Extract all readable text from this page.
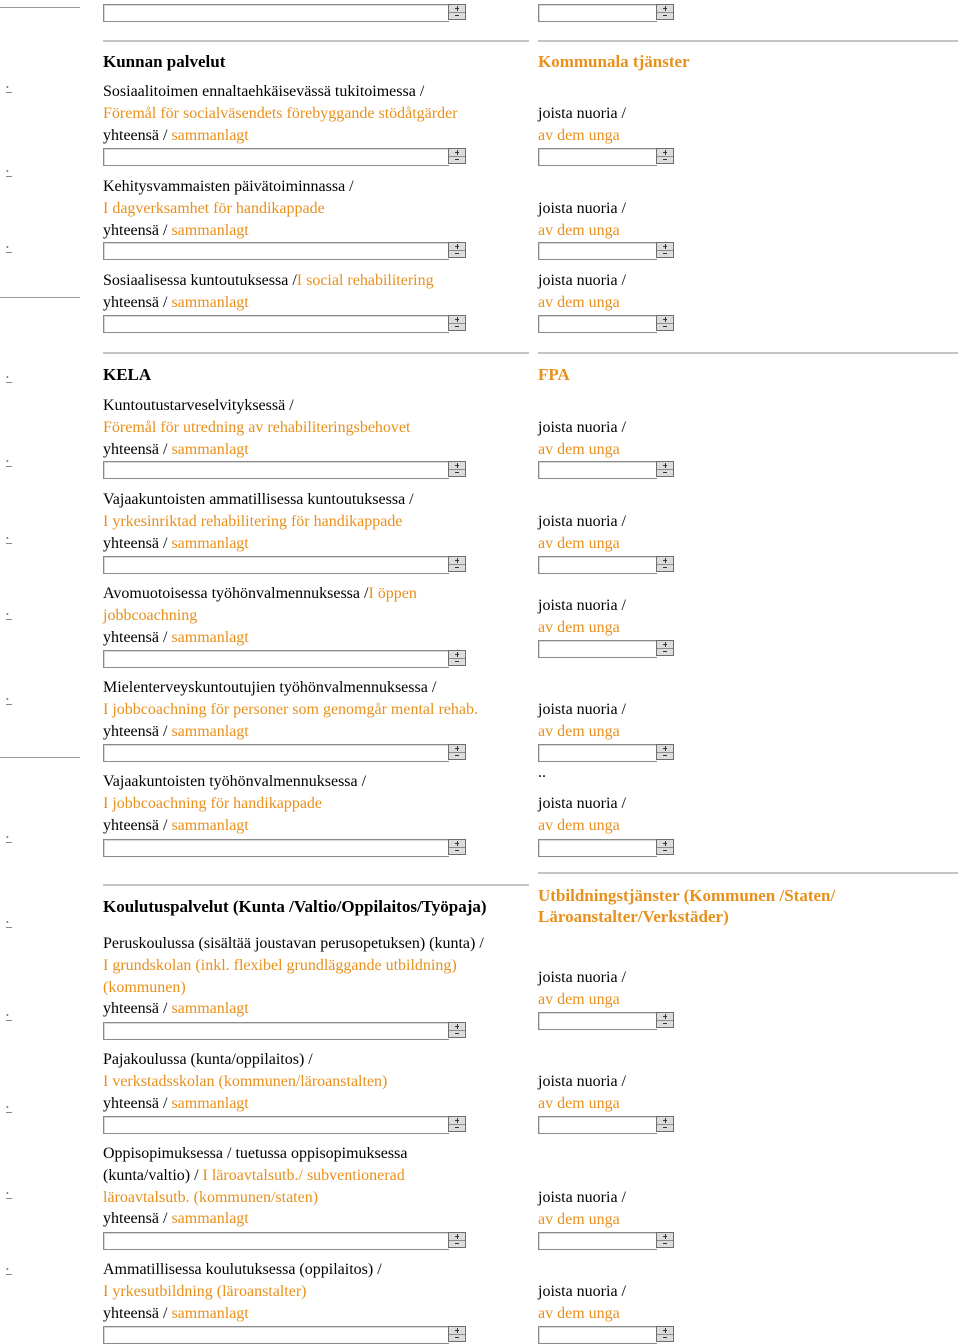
Kunnan palvelut	Kommunala tjänster
•
Sosiaalitoimen ennaltaehkäisevässä tukitoimessa /
Föremål för socialväsendets förebyggande stödåtgärder
yhteensä / sammanlagt
joista nuoria /
av dem unga
•
Kehitysvammaisten päivätoiminnassa /
I dagverksamhet för handikappade
yhteensä / sammanlagt
joista nuoria /
av dem unga
•
Sosiaalisessa kuntoutuksessa /I social rehabilitering
yhteensä / sammanlagt
joista nuoria /
av dem unga
•
KELA	FPA
Kuntoutustarveselvityksessä /
Föremål för utredning av rehabiliteringsbehovet
yhteensä / sammanlagt
joista nuoria /
av dem unga
•
Vajaakuntoisten ammatillisessa kuntoutuksessa /
I yrkesinriktad rehabilitering för handikappade
yhteensä / sammanlagt
joista nuoria /
av dem unga
•
Avomuotoisessa työhönvalmennuksessa /I öppen jobbcoachning
yhteensä / sammanlagt
joista nuoria /
av dem unga
•
Mielenterveyskuntoutujien työhönvalmennuksessa /
I jobbcoachning för personer som genomgår mental rehab.
yhteensä / sammanlagt
joista nuoria /
av dem unga
•
..
Vajaakuntoisten työhönvalmennuksessa /
I jobbcoachning för handikappade
yhteensä / sammanlagt
joista nuoria /
av dem unga
•
Koulutuspalvelut (Kunta /Valtio/Oppilaitos/Työpaja)
Utbildningstjänster (Kommunen /Staten/ Läroanstalter/Verkstäder)
•
Peruskoulussa (sisältää joustavan perusopetuksen) (kunta) /
I grundskolan (inkl. flexibel grundläggande utbildning) (kommunen)
yhteensä / sammanlagt
joista nuoria /
av dem unga
•
Pajakoulussa (kunta/oppilaitos) /
I verkstadsskolan (kommunen/läroanstalten)
yhteensä / sammanlagt
joista nuoria /
av dem unga
•
Oppisopimuksessa / tuetussa oppisopimuksessa (kunta/valtio) / I läroavtalsutb./ subventionerad läroavtalsutb. (kommunen/staten)
yhteensä / sammanlagt
joista nuoria /
av dem unga
•
Ammatillisessa koulutuksessa (oppilaitos) /
I yrkesutbildning (läroanstalter)
yhteensä / sammanlagt
joista nuoria /
av dem unga
•
